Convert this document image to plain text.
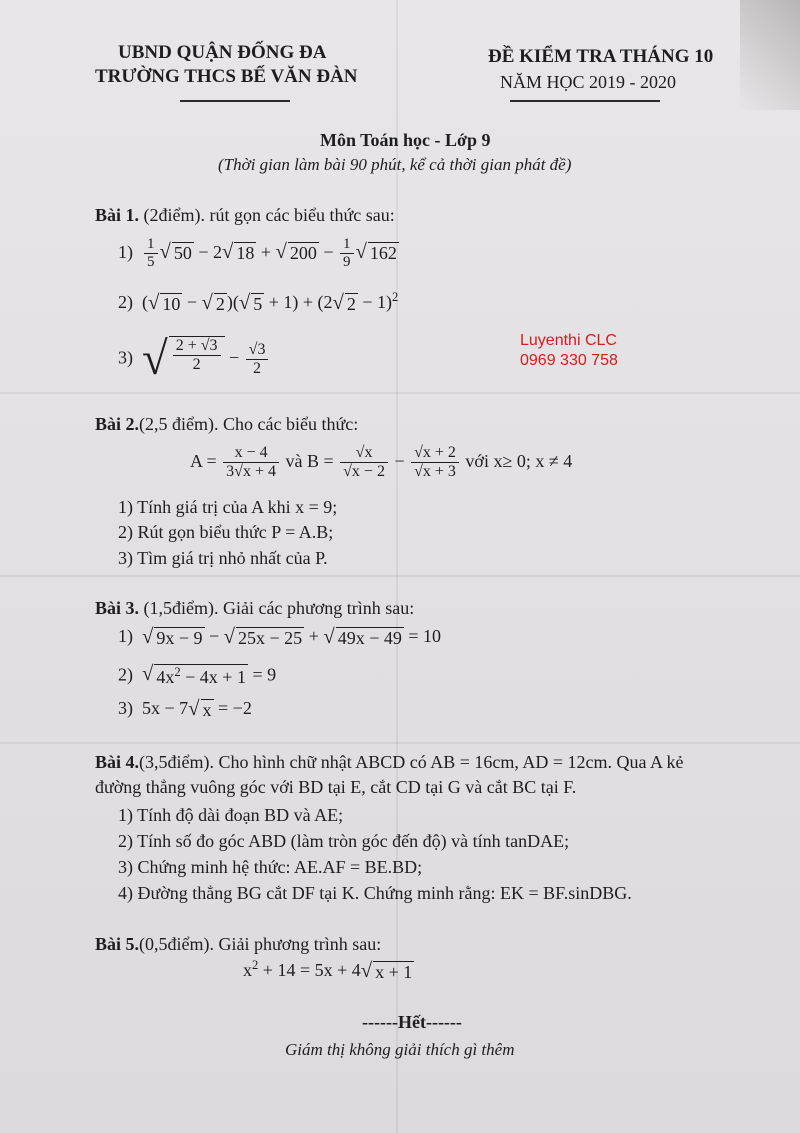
UBND QUẬN ĐỐNG ĐA
TRƯỜNG THCS BẾ VĂN ĐÀN
ĐỀ KIỂM TRA THÁNG 10
NĂM HỌC 2019 - 2020
Môn Toán học - Lớp 9
(Thời gian làm bài 90 phút, kể cả thời gian phát đề)
Bài 1. (2điểm). rút gọn các biểu thức sau:
$1) \frac{1}{5}$ √ 50 − 2 √ 18 + √ $200 - \frac{1}{9}$ √ 162
2)  ( √ 10 − √ 2 )( √ 5 + 1) + (2 √ 2 − 1)$^2$
3) √ $\frac{2 + √3}{2} - \frac{√3}{2}$
Luyenthi CLC
0969 330 758
Bài 2.(2,5 điểm). Cho các biểu thức:
$A = \frac{x - 4}{3√x + 4}$ và $B = \frac{√x}{√x - 2} - \frac{√x + 2}{√x + 3}$ với x≥ 0; x ≠ 4
1) Tính giá trị của A khi x = 9;
2) Rút gọn biểu thức P = A.B;
3) Tìm giá trị nhỏ nhất của P.
Bài 3. (1,5điểm). Giải các phương trình sau:
1) √ 9x − 9 − √ 25x − 25 + √ 49x − 49 = 10
2) √ $4x^2 - 4x + 1 = 9$
3)  5x − 7 √ x = −2
Bài 4.(3,5điểm). Cho hình chữ nhật ABCD có AB = 16cm, AD = 12cm. Qua A kẻ
đường thẳng vuông góc với BD tại E, cắt CD tại G và cắt BC tại F.
1) Tính độ dài đoạn BD và AE;
2) Tính số đo góc ABD (làm tròn góc đến độ) và tính tanDAE;
3) Chứng minh hệ thức: AE.AF = BE.BD;
4) Đường thẳng BG cắt DF tại K. Chứng minh rằng: EK = BF.sinDBG.
Bài 5.(0,5điểm). Giải phương trình sau:
$x^2 + 14 = 5x + 4$ √ x + 1
------Hết------
Giám thị không giải thích gì thêm
